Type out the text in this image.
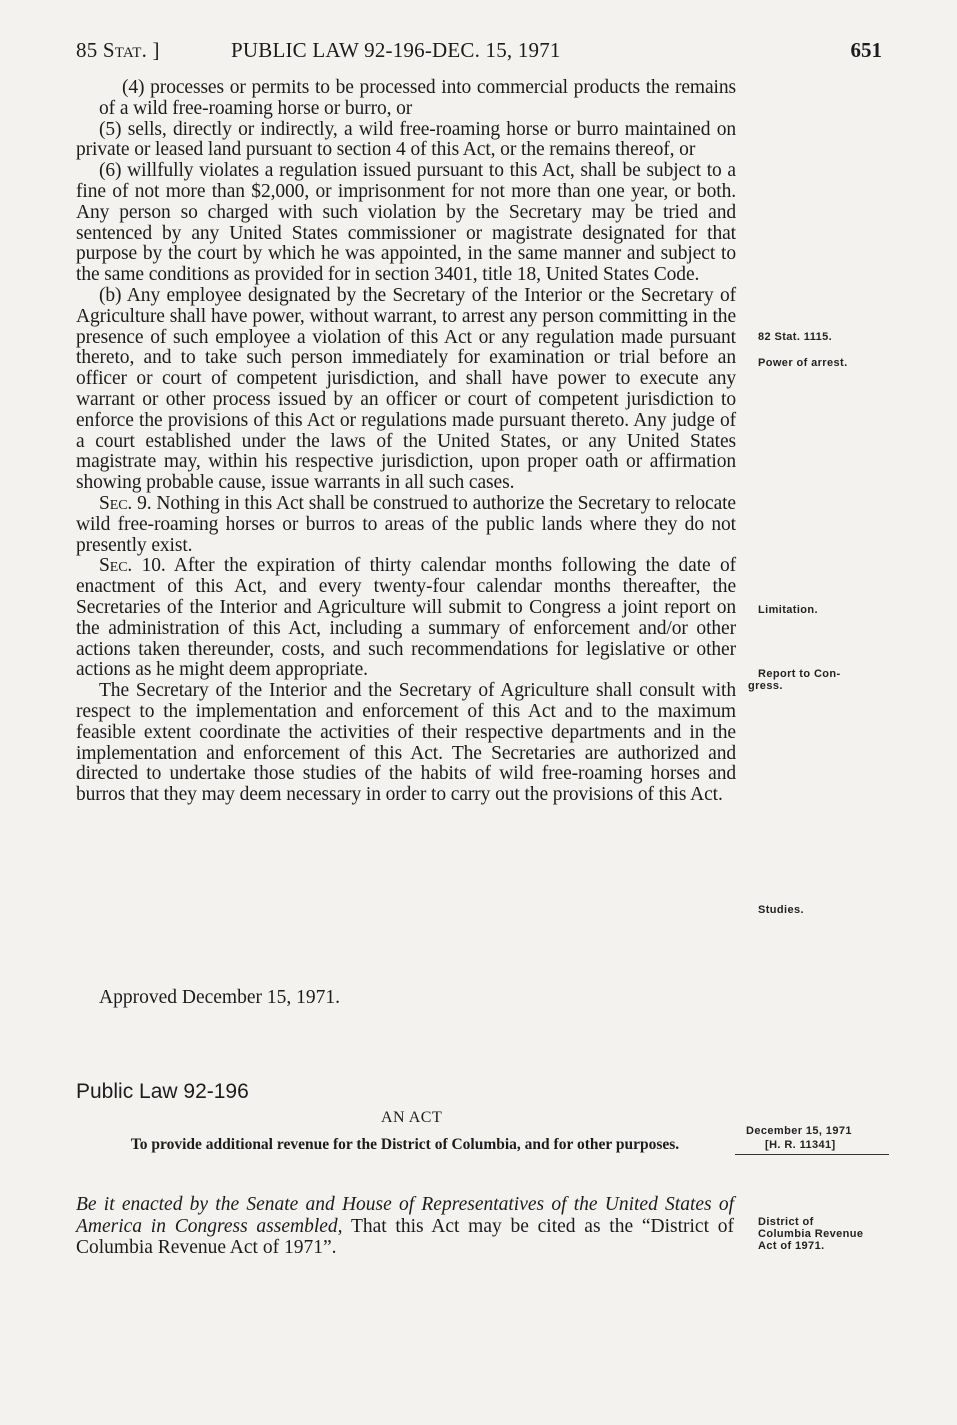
85 Stat. ]	PUBLIC LAW 92-196-DEC. 15, 1971	651

(4) processes or permits to be processed into commercial products the remains of a wild free-roaming horse or burro, or

(5) sells, directly or indirectly, a wild free-roaming horse or burro maintained on private or leased land pursuant to section 4 of this Act, or the remains thereof, or

(6) willfully violates a regulation issued pursuant to this Act, shall be subject to a fine of not more than $2,000, or imprisonment for not more than one year, or both. Any person so charged with such violation by the Secretary may be tried and sentenced by any United States commissioner or magistrate designated for that purpose by the court by which he was appointed, in the same manner and subject to the same conditions as provided for in section 3401, title 18, United States Code.

(b) Any employee designated by the Secretary of the Interior or the Secretary of Agriculture shall have power, without warrant, to arrest any person committing in the presence of such employee a violation of this Act or any regulation made pursuant thereto, and to take such person immediately for examination or trial before an officer or court of competent jurisdiction, and shall have power to execute any warrant or other process issued by an officer or court of competent jurisdiction to enforce the provisions of this Act or regulations made pursuant thereto. Any judge of a court established under the laws of the United States, or any United States magistrate may, within his respective jurisdiction, upon proper oath or affirmation showing probable cause, issue warrants in all such cases.

Sec. 9. Nothing in this Act shall be construed to authorize the Secretary to relocate wild free-roaming horses or burros to areas of the public lands where they do not presently exist.

Sec. 10. After the expiration of thirty calendar months following the date of enactment of this Act, and every twenty-four calendar months thereafter, the Secretaries of the Interior and Agriculture will submit to Congress a joint report on the administration of this Act, including a summary of enforcement and/or other actions taken thereunder, costs, and such recommendations for legislative or other actions as he might deem appropriate.

The Secretary of the Interior and the Secretary of Agriculture shall consult with respect to the implementation and enforcement of this Act and to the maximum feasible extent coordinate the activities of their respective departments and in the implementation and enforcement of this Act. The Secretaries are authorized and directed to undertake those studies of the habits of wild free-roaming horses and burros that they may deem necessary in order to carry out the provisions of this Act.

Approved December 15, 1971.
Public Law 92-196
AN ACT
To provide additional revenue for the District of Columbia, and for other purposes.
Be it enacted by the Senate and House of Representatives of the United States of America in Congress assembled, That this Act may be cited as the “District of Columbia Revenue Act of 1971”.
82 Stat. 1115.
Power of arrest.
Limitation.
Report to Con-
gress.
Studies.
December 15, 1971
[H. R. 11341]
District of
Columbia Revenue
Act of 1971.
